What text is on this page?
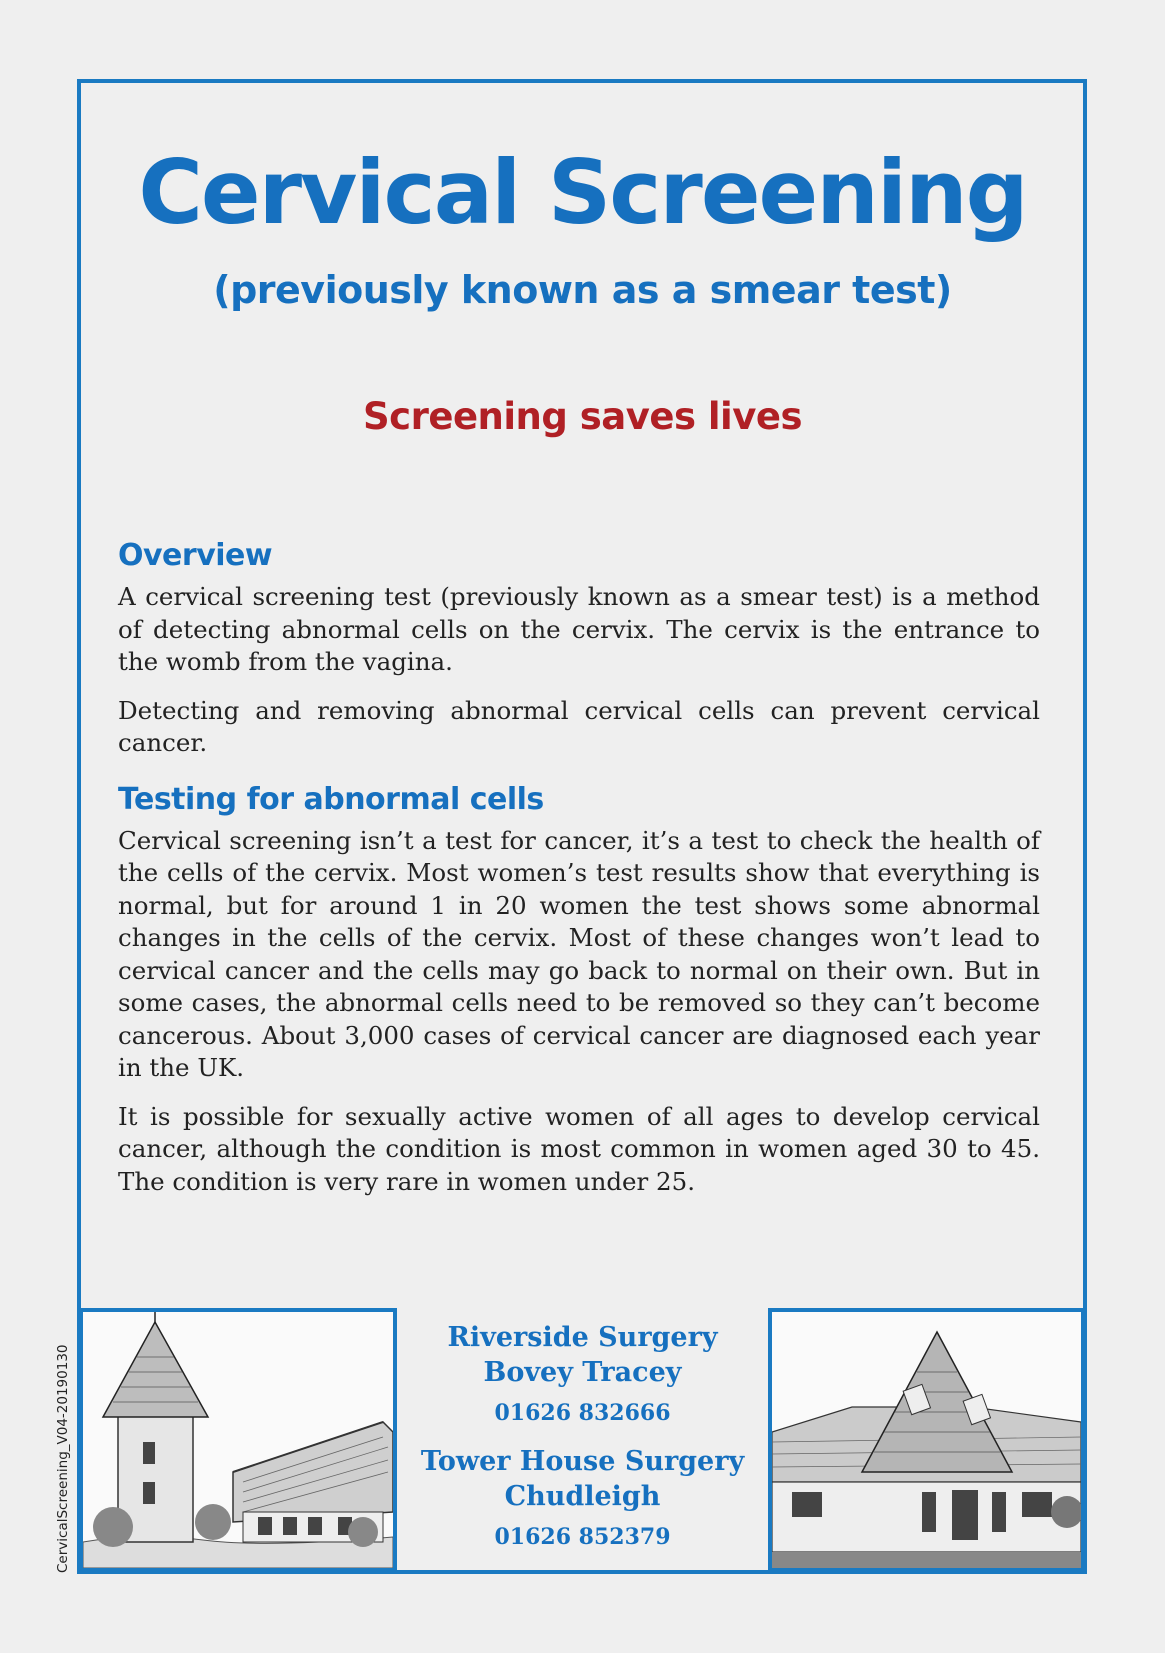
Cervical Screening
(previously known as a smear test)
Screening saves lives
Overview

A cervical screening test (previously known as a smear test) is a method of detecting abnormal cells on the cervix. The cervix is the entrance to the womb from the vagina.

Detecting and removing abnormal cervical cells can prevent cervical cancer.

Testing for abnormal cells

Cervical screening isn’t a test for cancer, it’s a test to check the health of the cells of the cervix. Most women’s test results show that everything is normal, but for around 1 in 20 women the test shows some abnormal changes in the cells of the cervix. Most of these changes won’t lead to cervical cancer and the cells may go back to normal on their own. But in some cases, the abnormal cells need to be removed so they can’t become cancerous. About 3,000 cases of cervical cancer are diagnosed each year in the UK.

It is possible for sexually active women of all ages to develop cervical cancer, although the condition is most common in women aged 30 to 45. The condition is very rare in women under 25.

CervicalScreening_V04-20190130
Riverside Surgery
Bovey Tracey
01626 832666
Tower House Surgery
Chudleigh
01626 852379
